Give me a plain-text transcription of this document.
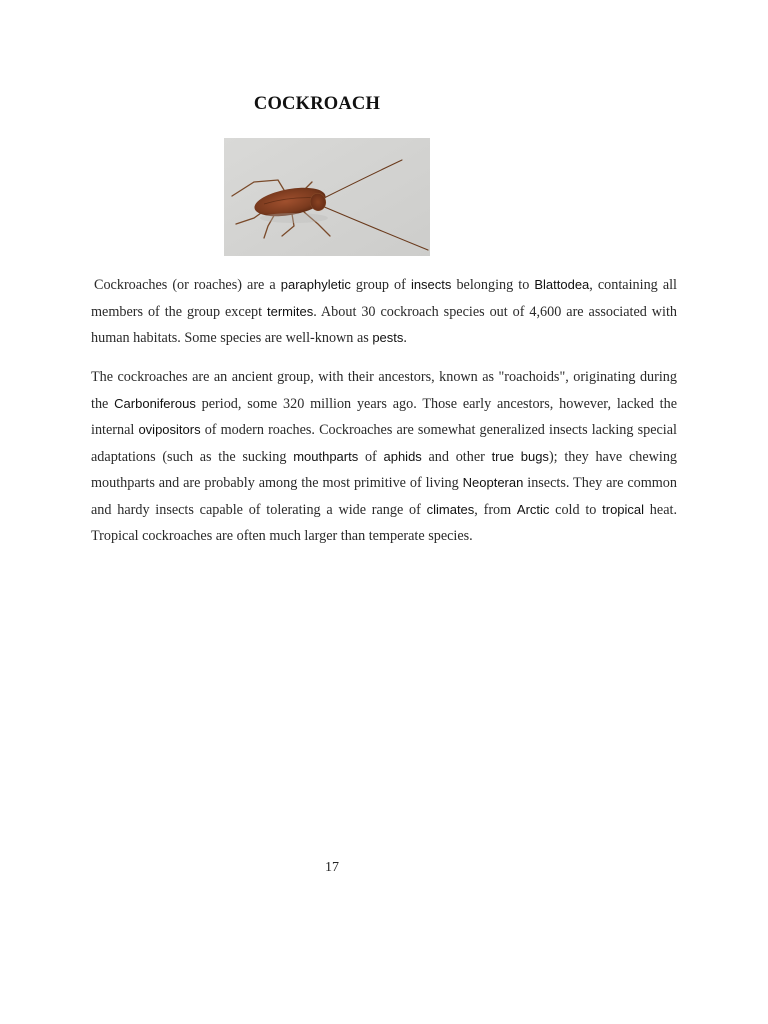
COCKROACH

Cockroaches (or roaches) are a paraphyletic group of insects belonging to Blattodea, containing all members of the group except termites. About 30 cockroach species out of 4,600 are associated with human habitats. Some species are well-known as pests.

The cockroaches are an ancient group, with their ancestors, known as "roachoids", originating during the Carboniferous period, some 320 million years ago. Those early ancestors, however, lacked the internal ovipositors of modern roaches. Cockroaches are somewhat generalized insects lacking special adaptations (such as the sucking mouthparts of aphids and other true bugs); they have chewing mouthparts and are probably among the most primitive of living Neopteran insects. They are common and hardy insects capable of tolerating a wide range of climates, from Arctic cold to tropical heat. Tropical cockroaches are often much larger than temperate species.

17
